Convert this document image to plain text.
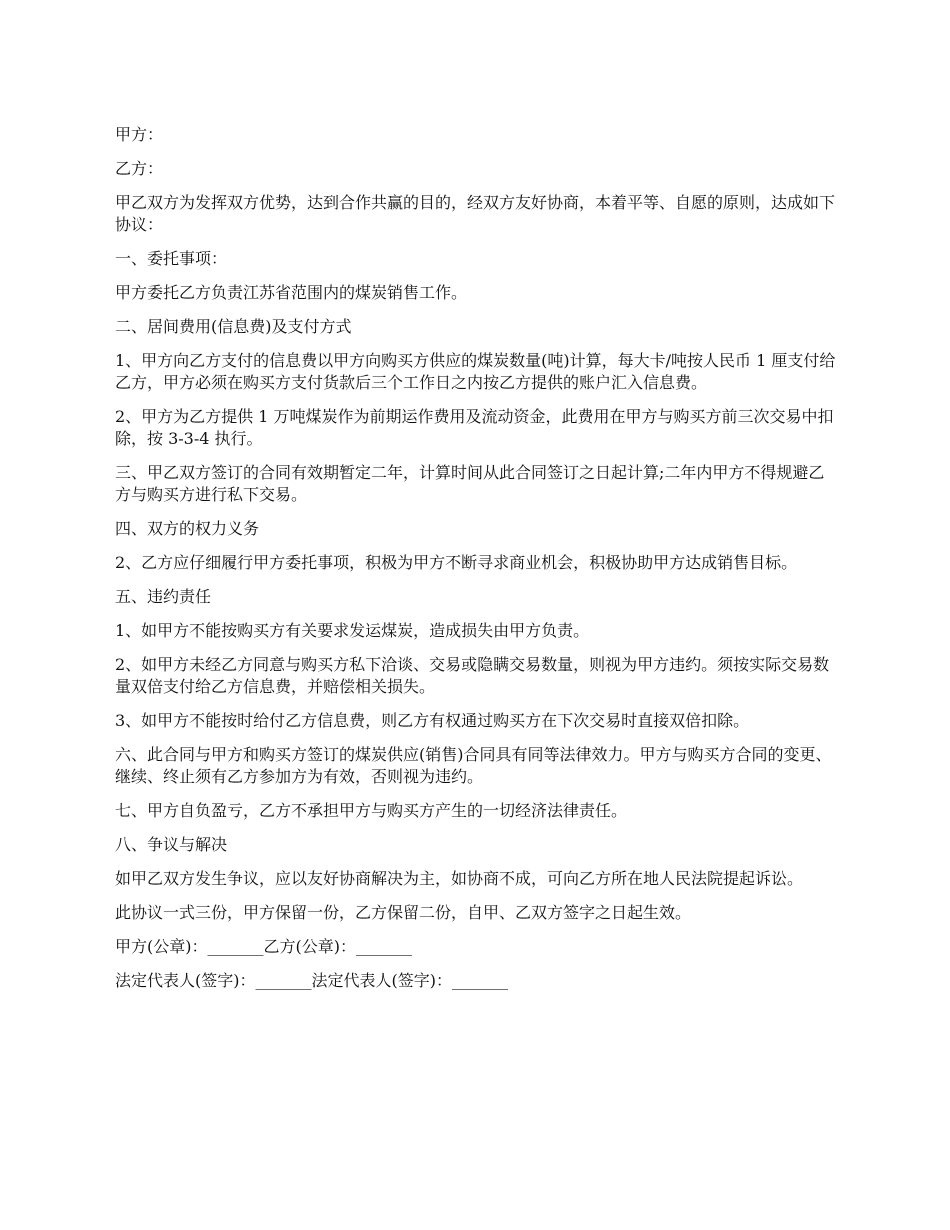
甲方：

乙方：

甲乙双方为发挥双方优势，达到合作共赢的目的，经双方友好协商，本着平等、自愿的原则，达成如下协议：

一、委托事项：

甲方委托乙方负责江苏省范围内的煤炭销售工作。

二、居间费用(信息费)及支付方式

1、甲方向乙方支付的信息费以甲方向购买方供应的煤炭数量(吨)计算，每大卡/吨按人民币 1 厘支付给乙方，甲方必须在购买方支付货款后三个工作日之内按乙方提供的账户汇入信息费。

2、甲方为乙方提供 1 万吨煤炭作为前期运作费用及流动资金，此费用在甲方与购买方前三次交易中扣除，按 3-3-4 执行。

三、甲乙双方签订的合同有效期暂定二年，计算时间从此合同签订之日起计算;二年内甲方不得规避乙方与购买方进行私下交易。

四、双方的权力义务

2、乙方应仔细履行甲方委托事项，积极为甲方不断寻求商业机会，积极协助甲方达成销售目标。

五、违约责任

1、如甲方不能按购买方有关要求发运煤炭，造成损失由甲方负责。

2、如甲方未经乙方同意与购买方私下洽谈、交易或隐瞒交易数量，则视为甲方违约。须按实际交易数量双倍支付给乙方信息费，并赔偿相关损失。

3、如甲方不能按时给付乙方信息费，则乙方有权通过购买方在下次交易时直接双倍扣除。

六、此合同与甲方和购买方签订的煤炭供应(销售)合同具有同等法律效力。甲方与购买方合同的变更、继续、终止须有乙方参加方为有效，否则视为违约。

七、甲方自负盈亏，乙方不承担甲方与购买方产生的一切经济法律责任。

八、争议与解决

如甲乙双方发生争议，应以友好协商解决为主，如协商不成，可向乙方所在地人民法院提起诉讼。

此协议一式三份，甲方保留一份，乙方保留二份，自甲、乙双方签字之日起生效。

甲方(公章)：_______乙方(公章)：_______

法定代表人(签字)：_______法定代表人(签字)：_______
